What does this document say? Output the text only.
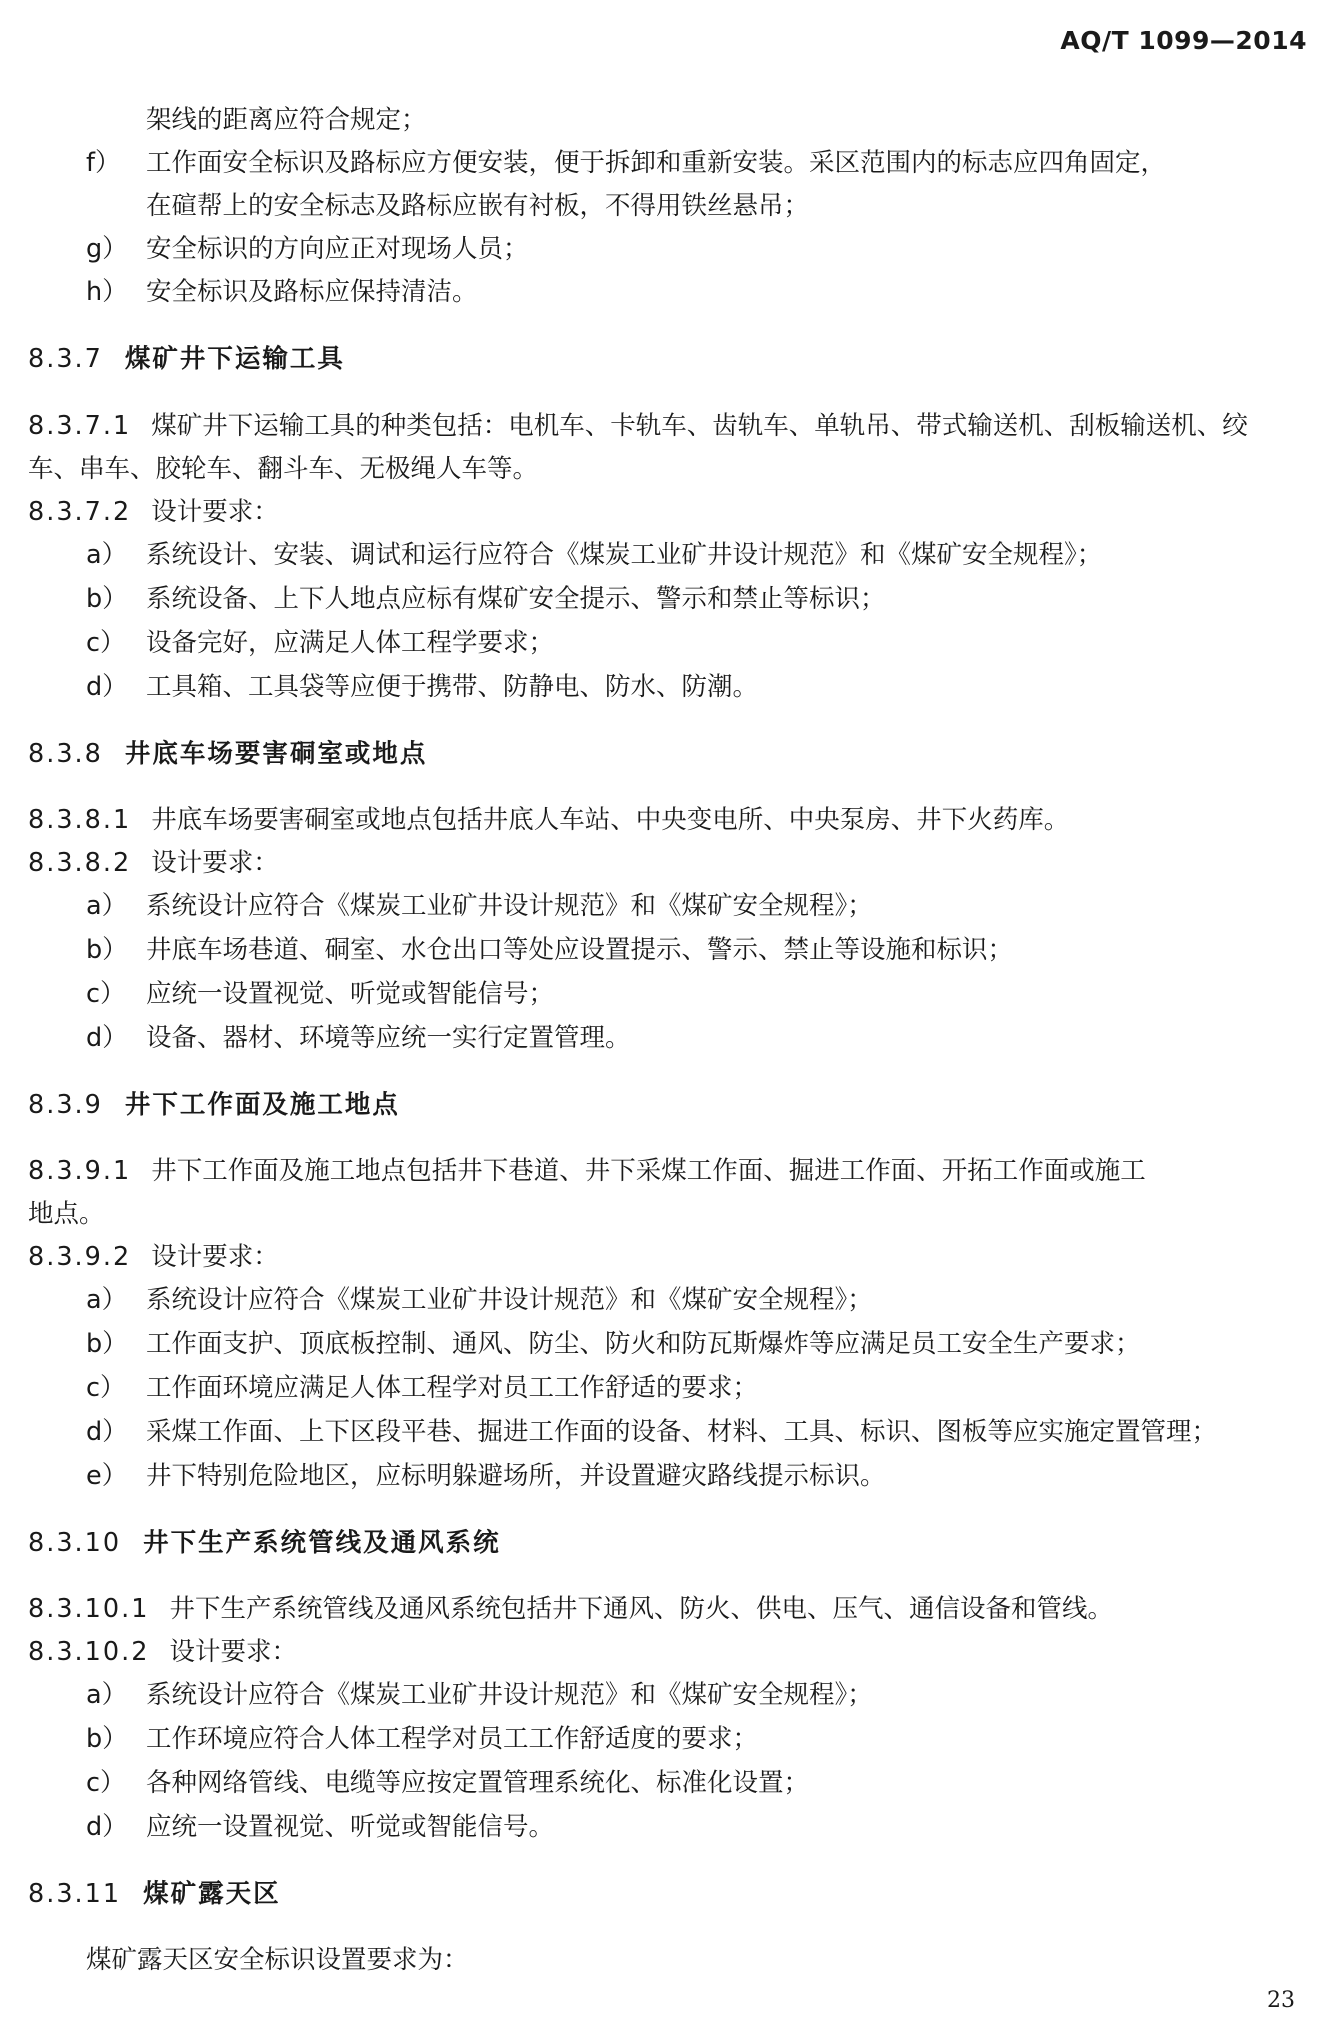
AQ/T 1099—2014
架线的距离应符合规定；
f） 工作面安全标识及路标应方便安装，便于拆卸和重新安装。采区范围内的标志应四角固定，
在碹帮上的安全标志及路标应嵌有衬板，不得用铁丝悬吊；
g） 安全标识的方向应正对现场人员；
h） 安全标识及路标应保持清洁。
8.3.7 煤矿井下运输工具
8.3.7.1 煤矿井下运输工具的种类包括：电机车、卡轨车、齿轨车、单轨吊、带式输送机、刮板输送机、绞
车、串车、胶轮车、翻斗车、无极绳人车等。
8.3.7.2 设计要求：
a） 系统设计、安装、调试和运行应符合《煤炭工业矿井设计规范》和《煤矿安全规程》；
b） 系统设备、上下人地点应标有煤矿安全提示、警示和禁止等标识；
c） 设备完好，应满足人体工程学要求；
d） 工具箱、工具袋等应便于携带、防静电、防水、防潮。
8.3.8 井底车场要害硐室或地点
8.3.8.1 井底车场要害硐室或地点包括井底人车站、中央变电所、中央泵房、井下火药库。
8.3.8.2 设计要求：
a） 系统设计应符合《煤炭工业矿井设计规范》和《煤矿安全规程》；
b） 井底车场巷道、硐室、水仓出口等处应设置提示、警示、禁止等设施和标识；
c） 应统一设置视觉、听觉或智能信号；
d） 设备、器材、环境等应统一实行定置管理。
8.3.9 井下工作面及施工地点
8.3.9.1 井下工作面及施工地点包括井下巷道、井下采煤工作面、掘进工作面、开拓工作面或施工
地点。
8.3.9.2 设计要求：
a） 系统设计应符合《煤炭工业矿井设计规范》和《煤矿安全规程》；
b） 工作面支护、顶底板控制、通风、防尘、防火和防瓦斯爆炸等应满足员工安全生产要求；
c） 工作面环境应满足人体工程学对员工工作舒适的要求；
d） 采煤工作面、上下区段平巷、掘进工作面的设备、材料、工具、标识、图板等应实施定置管理；
e） 井下特别危险地区，应标明躲避场所，并设置避灾路线提示标识。
8.3.10 井下生产系统管线及通风系统
8.3.10.1 井下生产系统管线及通风系统包括井下通风、防火、供电、压气、通信设备和管线。
8.3.10.2 设计要求：
a） 系统设计应符合《煤炭工业矿井设计规范》和《煤矿安全规程》；
b） 工作环境应符合人体工程学对员工工作舒适度的要求；
c） 各种网络管线、电缆等应按定置管理系统化、标准化设置；
d） 应统一设置视觉、听觉或智能信号。
8.3.11 煤矿露天区
煤矿露天区安全标识设置要求为：
23
